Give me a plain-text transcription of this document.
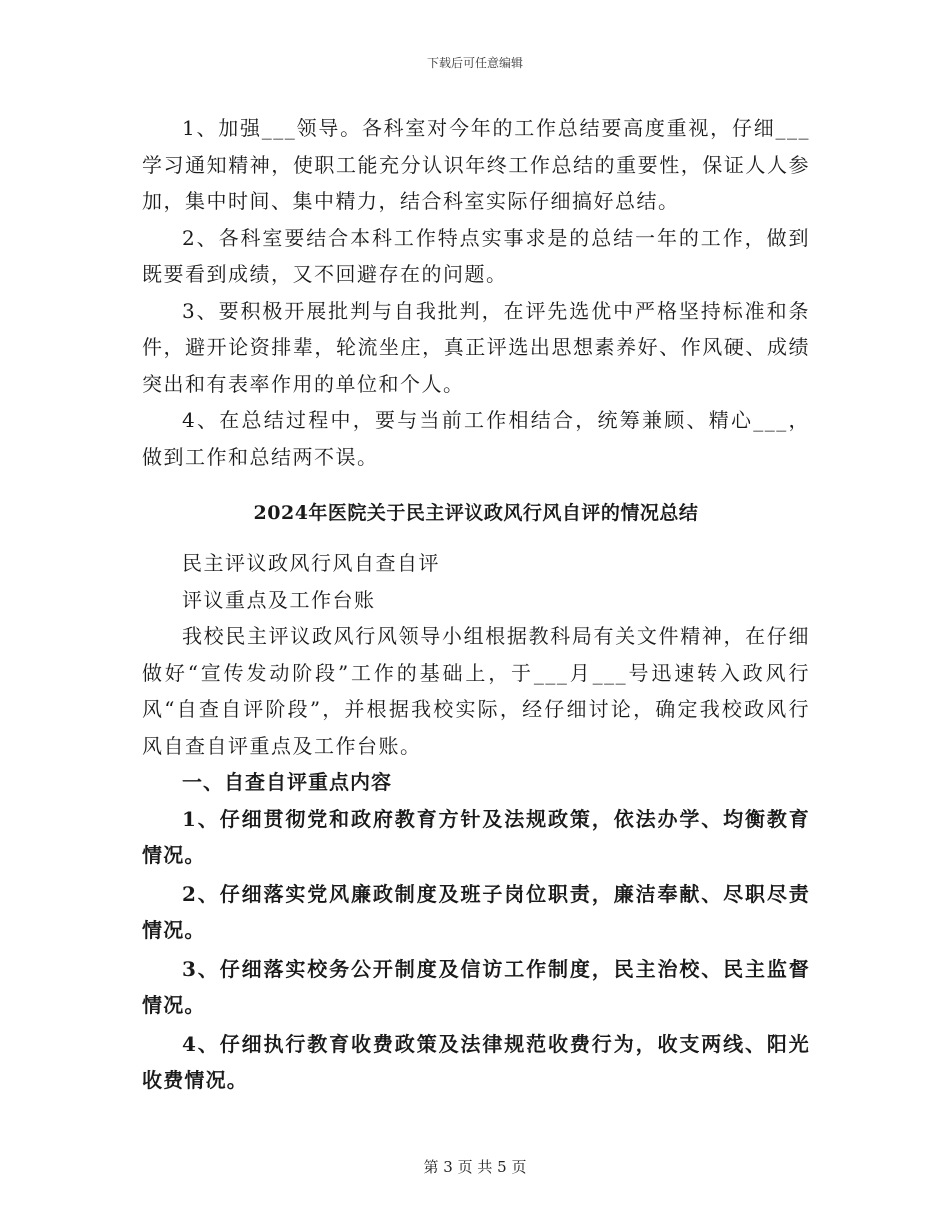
下载后可任意编辑

1、加强___领导。各科室对今年的工作总结要高度重视，仔细___学习通知精神，使职工能充分认识年终工作总结的重要性，保证人人参加，集中时间、集中精力，结合科室实际仔细搞好总结。

2、各科室要结合本科工作特点实事求是的总结一年的工作，做到既要看到成绩，又不回避存在的问题。

3、要积极开展批判与自我批判，在评先选优中严格坚持标准和条件，避开论资排辈，轮流坐庄，真正评选出思想素养好、作风硬、成绩突出和有表率作用的单位和个人。

4、在总结过程中，要与当前工作相结合，统筹兼顾、精心___，做到工作和总结两不误。

2024年医院关于民主评议政风行风自评的情况总结

民主评议政风行风自查自评

评议重点及工作台账

我校民主评议政风行风领导小组根据教科局有关文件精神，在仔细做好“宣传发动阶段”工作的基础上，于___月___号迅速转入政风行风“自查自评阶段”，并根据我校实际，经仔细讨论，确定我校政风行风自查自评重点及工作台账。

一、自查自评重点内容

1、仔细贯彻党和政府教育方针及法规政策，依法办学、均衡教育情况。

2、仔细落实党风廉政制度及班子岗位职责，廉洁奉献、尽职尽责情况。

3、仔细落实校务公开制度及信访工作制度，民主治校、民主监督情况。

4、仔细执行教育收费政策及法律规范收费行为，收支两线、阳光收费情况。

第 3 页 共 5 页
